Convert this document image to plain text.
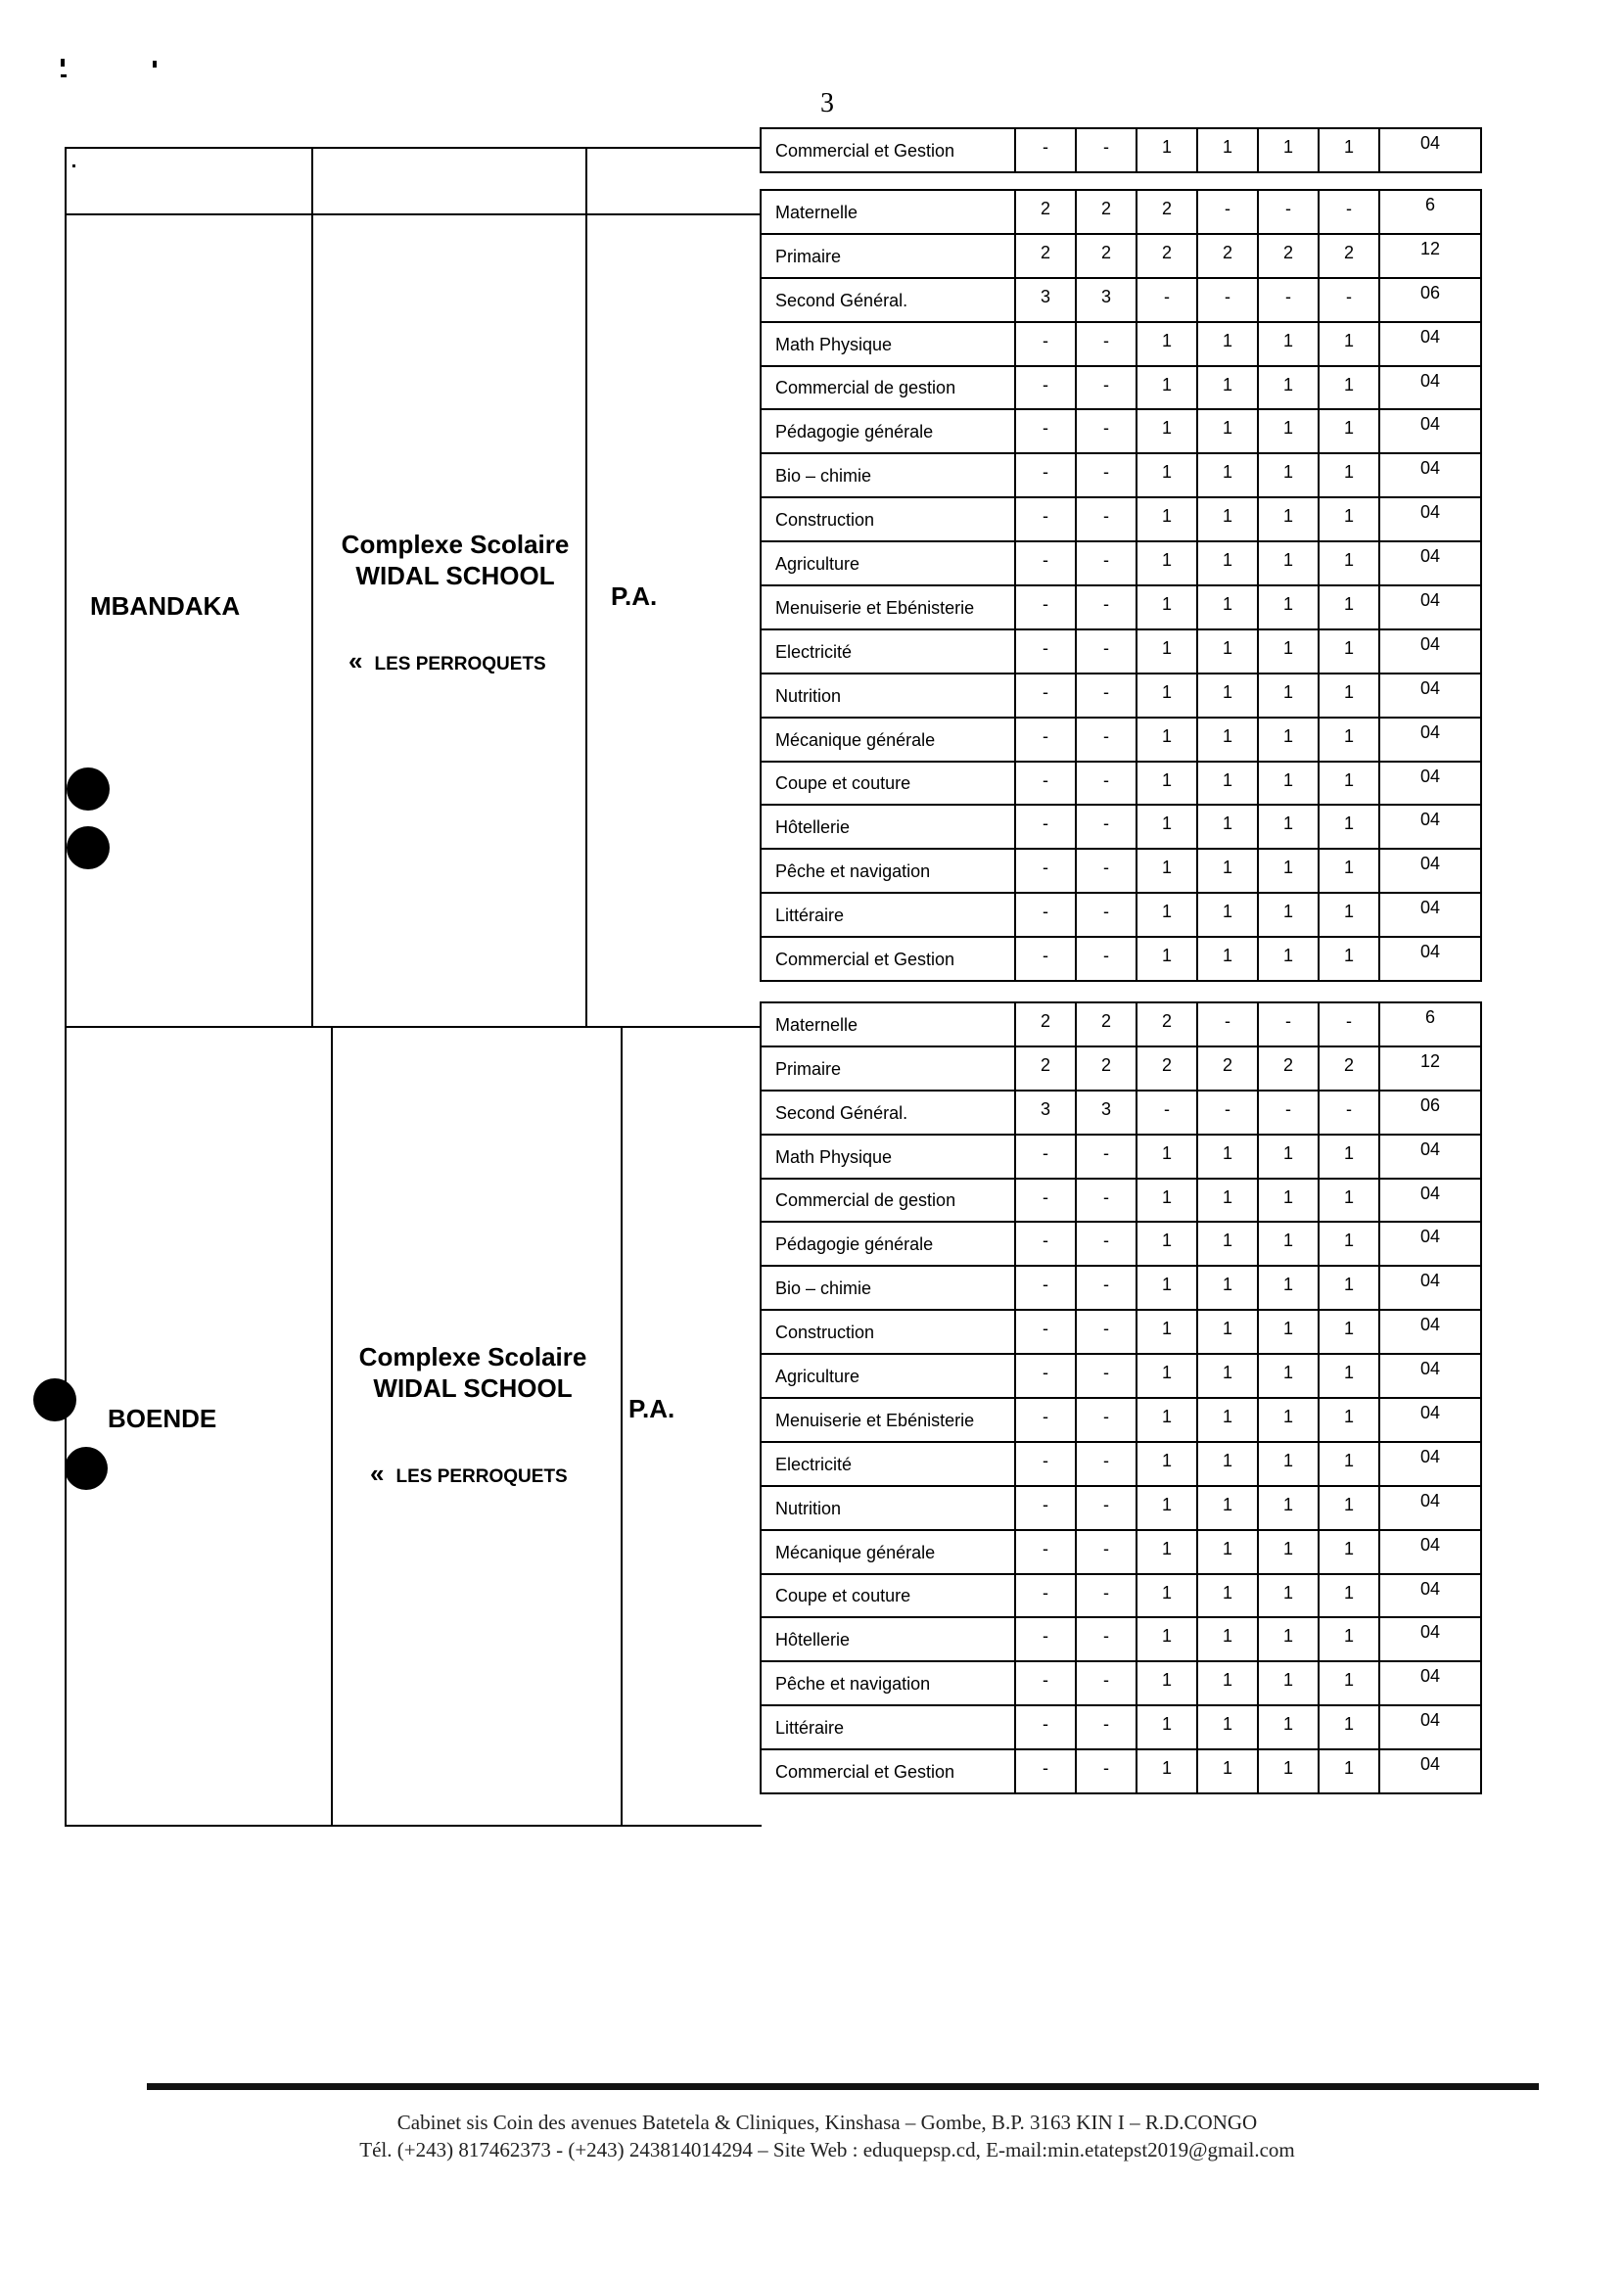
3
Commercial et Gestion	-	-	1	1	1	1	04
MBANDAKA
Complexe Scolaire WIDAL SCHOOL
« LES PERROQUETS
P.A.
Maternelle	2	2	2	-	-	-	6
Primaire	2	2	2	2	2	2	12
Second Général.	3	3	-	-	-	-	06
Math Physique	-	-	1	1	1	1	04
Commercial de gestion	-	-	1	1	1	1	04
Pédagogie générale	-	-	1	1	1	1	04
Bio – chimie	-	-	1	1	1	1	04
Construction	-	-	1	1	1	1	04
Agriculture	-	-	1	1	1	1	04
Menuiserie et Ebénisterie	-	-	1	1	1	1	04
Electricité	-	-	1	1	1	1	04
Nutrition	-	-	1	1	1	1	04
Mécanique générale	-	-	1	1	1	1	04
Coupe et couture	-	-	1	1	1	1	04
Hôtellerie	-	-	1	1	1	1	04
Pêche et navigation	-	-	1	1	1	1	04
Littéraire	-	-	1	1	1	1	04
Commercial et Gestion	-	-	1	1	1	1	04
BOENDE
Complexe Scolaire WIDAL SCHOOL
« LES PERROQUETS
P.A.
Maternelle	2	2	2	-	-	-	6
Primaire	2	2	2	2	2	2	12
Second Général.	3	3	-	-	-	-	06
Math Physique	-	-	1	1	1	1	04
Commercial de gestion	-	-	1	1	1	1	04
Pédagogie générale	-	-	1	1	1	1	04
Bio – chimie	-	-	1	1	1	1	04
Construction	-	-	1	1	1	1	04
Agriculture	-	-	1	1	1	1	04
Menuiserie et Ebénisterie	-	-	1	1	1	1	04
Electricité	-	-	1	1	1	1	04
Nutrition	-	-	1	1	1	1	04
Mécanique générale	-	-	1	1	1	1	04
Coupe et couture	-	-	1	1	1	1	04
Hôtellerie	-	-	1	1	1	1	04
Pêche et navigation	-	-	1	1	1	1	04
Littéraire	-	-	1	1	1	1	04
Commercial et Gestion	-	-	1	1	1	1	04
Cabinet sis Coin des avenues Batetela & Cliniques, Kinshasa – Gombe, B.P. 3163 KIN I – R.D.CONGO
Tél. (+243) 817462373 - (+243) 243814014294 – Site Web : eduquepsp.cd, E-mail:min.etatepst2019@gmail.com
